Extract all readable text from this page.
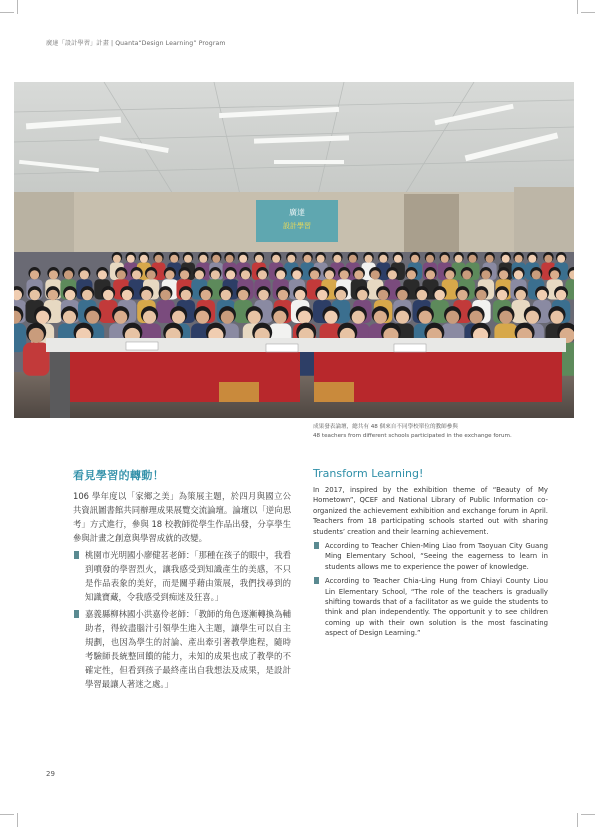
廣達「設計學習」計畫 | Quanta“Design Learning” Program
廣達
設計學習
成果發表論壇，總共有 48 個來自不同學校單位的教師參與
48 teachers from different schools participated in the exchange forum.
看見學習的轉動！

106 學年度以「家鄉之美」為策展主題，於四月與國立公共資訊圖書館共同辦理成果展覽交流論壇。論壇以「逆向思考」方式進行，參與 18 校教師從學生作品出發，分享學生參與計畫之創意與學習成就的改變。

桃園市光明國小廖健茗老師：「那種在孩子的眼中，我看到噴發的學習烈火，讓我感受到知識產生的美感，不只是作品表象的美好，而是關乎藉由策展，我們找尋到的知識寶藏，令我感受到痴迷及狂喜。」

嘉義縣柳林國小洪嘉伶老師：「教師的角色逐漸轉換為輔助者，得絞盡腦汁引領學生進入主題，讓學生可以自主規劃，也因為學生的討論、產出牽引著教學進程，隨時考驗師長統整回饋的能力，未知的成果也成了教學的不確定性，但看到孩子最終產出自我想法及成果，是設計學習最讓人著迷之處。」

Transform Learning!

In 2017, inspired by the exhibition theme of “Beauty of My Hometown”, QCEF and National Library of Public Information co-organized the achievement exhibition and exchange forum in April. Teachers from 18 participating schools started out with sharing students’ creation and their learning achievement.

According to Teacher Chien-Ming Liao from Taoyuan City Guang Ming Elementary School, “Seeing the eagerness to learn in students allows me to experience the power of knowledge.

According to Teacher Chia-Ling Hung from Chiayi County Liou Lin Elementary School, “The role of the teachers is gradually shifting towards that of a facilitator as we guide the students to think and plan independently. The opportunit y to see children coming up with their own solution is the most fascinating aspect of Design Learning.”

29
